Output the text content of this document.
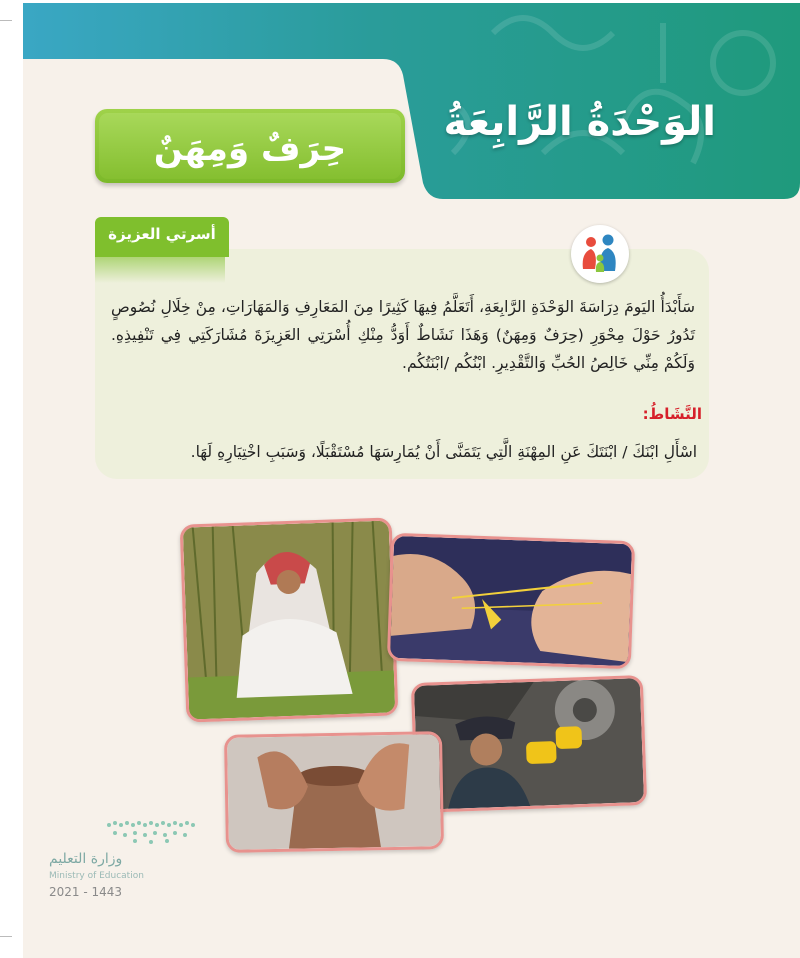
الوَحْدَةُ الرَّابِعَةُ
حِرَفٌ وَمِهَنٌ
أسرتي العزيزة
سَأَبْدَأُ اليَومَ دِرَاسَةَ الوَحْدَةِ الرَّابِعَةِ، أَتَعَلَّمُ فِيهَا كَثِيرًا مِنَ المَعَارِفِ وَالمَهَارَاتِ، مِنْ خِلَالِ نُصُوصٍ تَدُورُ حَوْلَ مِحْوَرِ (حِرَفٌ وَمِهَنٌ) وَهَذَا نَشَاطٌ أَوَدُّ مِنْكِ أُسْرَتِي العَزِيزَةَ مُشَارَكَتِي فِي تَنْفِيذِهِ. وَلَكُمْ مِنِّي خَالِصُ الحُبِّ وَالتَّقْدِيرِ. ابْنُكُم /ابْنَتُكُم.
النَّشَاطُ:
اسْأَلِ ابْنَكَ / ابْنَتَكَ عَنِ المِهْنَةِ الَّتِي يَتَمَنَّى أَنْ يُمَارِسَهَا مُسْتَقْبَلًا، وَسَبَبِ اخْتِيَارِهِ لَهَا.
وزارة التعليم
Ministry of Education
2021 - 1443
